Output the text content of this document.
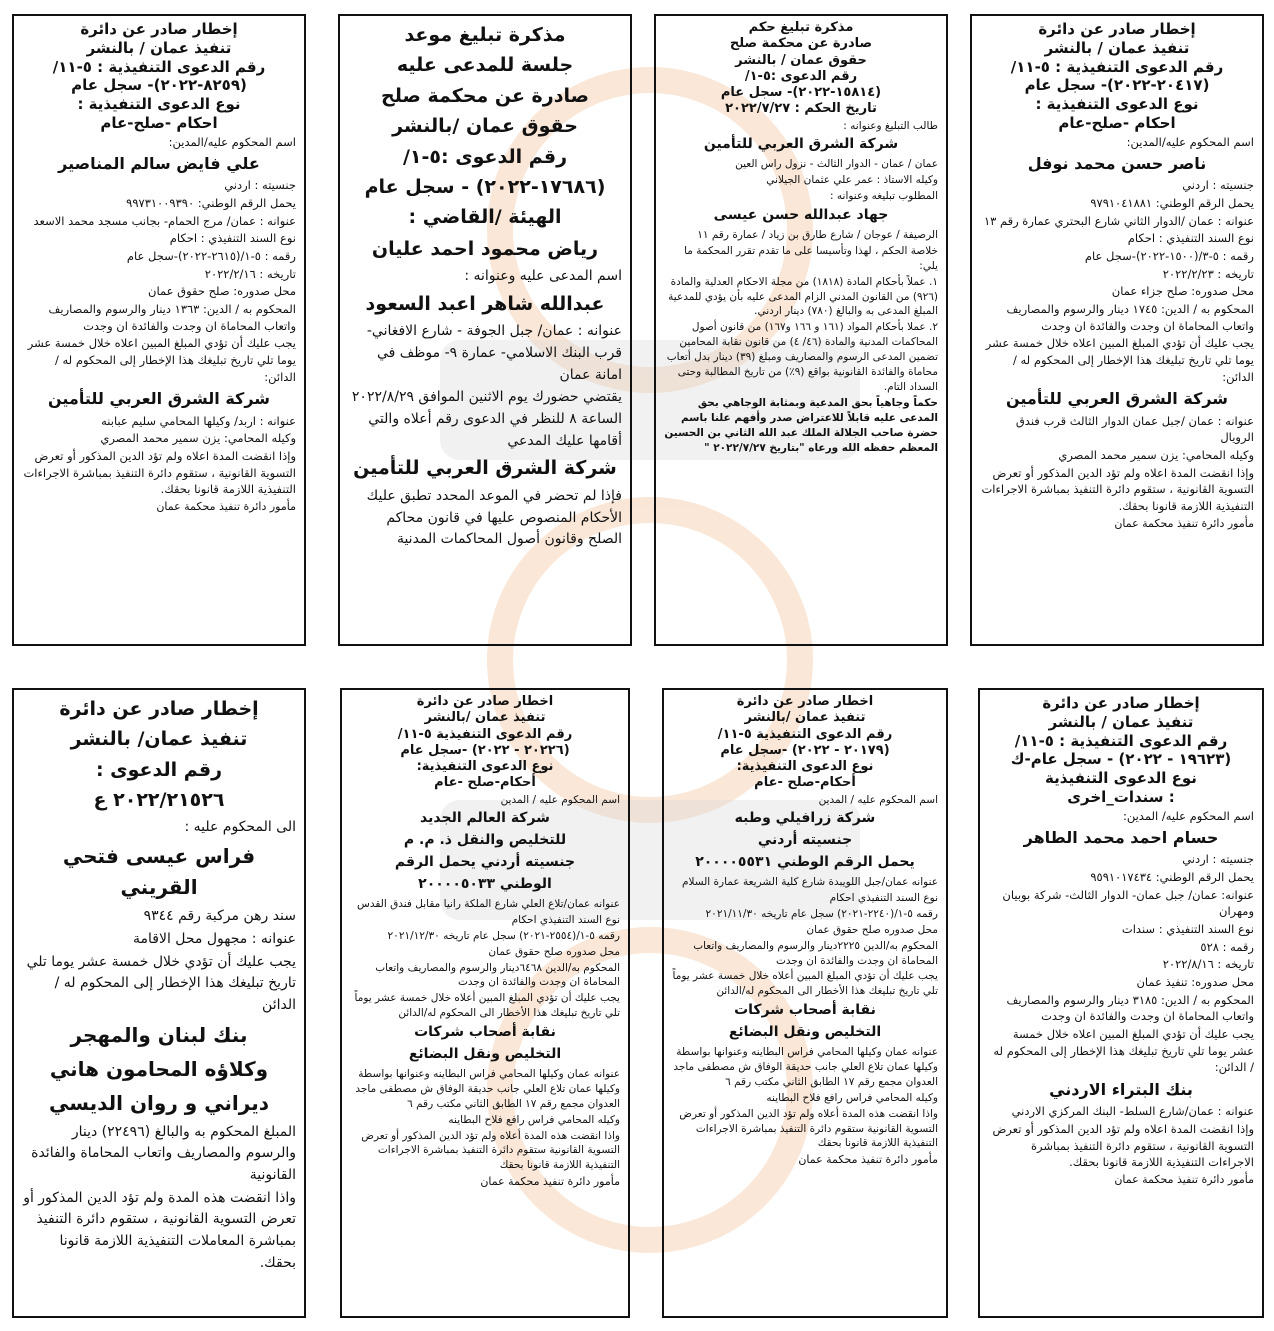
إخطار صادر عن دائرة

تنفيذ عمان / بالنشر

رقم الدعوى التنفيذية : ٥-١١/

(٢٠٤١٧-٢٠٢٢)- سجل عام

نوع الدعوى التنفيذية :

احكام -صلح-عام

اسم المحكوم عليه/المدين:

ناصر حسن محمد نوفل

جنسيته : اردني

يحمل الرقم الوطني: ٩٧٩١٠٤١٨٨١

عنوانه : عمان /الدوار الثاني شارع البحتري عمارة رقم ١٣

نوع السند التنفيذي : احكام

رقمه : ٥-٣/(١٥٠٠-٢٠٢٢)-سجل عام

تاريخه : ٢٠٢٢/٢/٢٣

محل صدوره: صلح جزاء عمان

المحكوم به / الدين: ١٧٤٥ دينار والرسوم والمصاريف واتعاب المحاماة ان وجدت والفائدة ان وجدت

يجب عليك أن تؤدي المبلغ المبين اعلاه خلال خمسة عشر يوما تلي تاريخ تبليغك هذا الإخطار إلى المحكوم له / الدائن:

شركة الشرق العربي للتأمين

عنوانه : عمان /جبل عمان الدوار الثالث قرب فندق الرويال

وكيله المحامي: يزن سمير محمد المصري

وإذا انقضت المدة اعلاه ولم تؤد الدين المذكور أو تعرض التسوية القانونية ، ستقوم دائرة التنفيذ بمباشرة الاجراءات التنفيذية اللازمة قانونا بحقك.

مأمور دائرة تنفيذ محكمة عمان

مذكرة تبليغ حكم

صادرة عن محكمة صلح

حقوق عمان / بالنشر

رقم الدعوى :٥-١/

(١٥٨١٤-٢٠٢٢)- سجل عام

تاريخ الحكم : ٢٠٢٢/٧/٢٧

طالب التبليغ وعنوانه :

شركة الشرق العربي للتأمين

عمان / عمان - الدوار الثالث - نزول راس العين

وكيله الاستاذ : عمر علي عثمان الجيلاني

المطلوب تبليغه وعنوانه :

جهاد عبدالله حسن عيسى

الرصيفة / عوجان / شارع طارق بن زياد / عمارة رقم ١١

خلاصة الحكم ، لهذا وتأسيسا على ما تقدم تقرر المحكمة ما يلي:

١. عملاً بأحكام المادة (١٨١٨) من مجلة الاحكام العدلية والمادة (٩٢٦) من القانون المدني الزام المدعى عليه بأن يؤدي للمدعية المبلغ المدعى به والبالغ (٧٨٠) دينار اردني.

٢. عملا بأحكام المواد (١٦١ و ١٦٦ و١٦٧) من قانون أصول المحاكمات المدنية والمادة (٤٦/ ٤) من قانون نقابة المحامين تضمين المدعى الرسوم والمصاريف ومبلغ (٣٩) دينار بدل أتعاب محاماة والفائدة القانونية بواقع (٩٪) من تاريخ المطالبة وحتى السداد التام.

حكماً وجاهياً بحق المدعية وبمثابة الوجاهي بحق المدعى عليه قابلاً للاعتراض صدر وأفهم علنا باسم حضرة صاحب الجلالة الملك عبد الله الثاني بن الحسين المعظم حفظه الله ورعاه "بتاريخ ٢٠٢٢/٧/٢٧ "

مذكرة تبليغ موعد

جلسة للمدعى عليه

صادرة عن محكمة صلح

حقوق عمان /بالنشر

رقم الدعوى :٥-١/

(١٧٦٨٦-٢٠٢٢) - سجل عام

الهيئة /القاضي :

رياض محمود احمد عليان

اسم المدعى عليه وعنوانه :

عبدالله شاهر اعبد السعود

عنوانه : عمان/ جبل الجوفة - شارع الافغاني- قرب البنك الاسلامي- عمارة ٩- موظف في امانة عمان

يقتضي حضورك يوم الاثنين الموافق ٢٠٢٢/٨/٢٩ الساعة ٨ للنظر في الدعوى رقم أعلاه والتي أقامها عليك المدعي

شركة الشرق العربي للتأمين

فإذا لم تحضر في الموعد المحدد تطبق عليك الأحكام المنصوص عليها في قانون محاكم الصلح وقانون أصول المحاكمات المدنية

إخطار صادر عن دائرة

تنفيذ عمان / بالنشر

رقم الدعوى التنفيذية : ٥-١١/

(٨٢٥٩-٢٠٢٢)- سجل عام

نوع الدعوى التنفيذية :

احكام -صلح-عام

اسم المحكوم عليه/المدين:

علي فايض سالم المناصير

جنسيته : اردني

يحمل الرقم الوطني: ٩٩٧٣١٠٠٩٣٩٠

عنوانه : عمان/ مرج الحمام- بجانب مسجد محمد الاسعد

نوع السند التنفيذي : احكام

رقمه : ٥-١/(٢٦١٥-٢٠٢٢)-سجل عام

تاريخه : ٢٠٢٢/٢/١٦

محل صدوره: صلح حقوق عمان

المحكوم به / الدين: ١٣٦٣ دينار والرسوم والمصاريف واتعاب المحاماة ان وجدت والفائدة ان وجدت

يجب عليك أن تؤدي المبلغ المبين اعلاه خلال خمسة عشر يوما تلي تاريخ تبليغك هذا الإخطار إلى المحكوم له / الدائن:

شركة الشرق العربي للتأمين

عنوانه : اربد/ وكيلها المحامي سليم عبابنه

وكيله المحامي: يزن سمير محمد المصري

وإذا انقضت المدة اعلاه ولم تؤد الدين المذكور أو تعرض التسوية القانونية ، ستقوم دائرة التنفيذ بمباشرة الاجراءات التنفيذية اللازمة قانونا بحقك.

مأمور دائرة تنفيذ محكمة عمان

إخطار صادر عن دائرة

تنفيذ عمان / بالنشر

رقم الدعوى التنفيذية : ٥-١١/

(١٩٦٢٣ - ٢٠٢٢) - سجل عام-ك

نوع الدعوى التنفيذية

: سندات_اخرى

اسم المحكوم عليه/ المدين:

حسام احمد محمد الطاهر

جنسيته : اردني

يحمل الرقم الوطني: ٩٥٩١٠١٧٤٣٤

عنوانه: عمان/ جبل عمان- الدوار الثالث- شركة بوبيان ومهران

نوع السند التنفيذي : سندات

رقمه : ٥٢٨

تاريخه : ٢٠٢٢/٨/١٦

محل صدوره: تنفيذ عمان

المحكوم به / الدين: ٣١٨٥ دينار والرسوم والمصاريف واتعاب المحاماة ان وجدت والفائدة ان وجدت

يجب عليك أن تؤدي المبلغ المبين اعلاه خلال خمسة عشر يوما تلي تاريخ تبليغك هذا الإخطار إلى المحكوم له / الدائن:

بنك البتراء الاردني

عنوانه : عمان/شارع السلط- البنك المركزي الاردني

وإذا انقضت المدة اعلاه ولم تؤد الدين المذكور أو تعرض التسوية القانونية ، ستقوم دائرة التنفيذ بمباشرة الاجراءات التنفيذية اللازمة قانونا بحقك.

مأمور دائرة تنفيذ محكمة عمان

اخطار صادر عن دائرة

تنفيذ عمان /بالنشر

رقم الدعوى التنفيذية ٥-١١/

(٢٠١٧٩ - ٢٠٢٢) -سجل عام

نوع الدعوى التنفيذية:

أحكام-صلح -عام

اسم المحكوم عليه / المدين

شركة زرافيلي وطبه

جنسيته أردني

يحمل الرقم الوطني ٢٠٠٠٠٥٥٣١

عنوانه عمان/جبل اللويبدة شارع كلية الشريعة عمارة السلام

نوع السند التنفيذي احكام

رقمه ٥-١/(٢٢٤٠-٢٠٢١) سجل عام تاريخه ٢٠٢١/١١/٣٠

محل صدوره صلح حقوق عمان

المحكوم به/الدين ٢٢٢٥دينار والرسوم والمصاريف واتعاب المحاماة ان وجدت والفائدة ان وجدت

يجب عليك أن تؤدي المبلغ المبين أعلاه خلال خمسة عشر يوماً تلي تاريخ تبليغك هذا الأخطار الى المحكوم له/الدائن

نقابة أصحاب شركات

التخليص ونقل البضائع

عنوانه عمان وكيلها المحامي فراس البطاينه وعنوانها بواسطة وكيلها عمان تلاع العلي جانب حديقة الوفاق ش مصطفى ماجد العدوان مجمع رقم ١٧ الطابق الثاني مكتب رقم ٦

وكيله المحامي فراس رافع فلاح البطاينه

واذا انقضت هذه المدة أعلاه ولم تؤد الدين المذكور أو تعرض التسوية القانونية ستقوم دائرة التنفيذ بمباشرة الاجراءات التنفيذية اللازمة قانونا بحقك

مأمور دائرة تنفيذ محكمة عمان

اخطار صادر عن دائرة

تنفيذ عمان /بالنشر

رقم الدعوى التنفيذية ٥-١١/

(٢٠٢٢٦ - ٢٠٢٢) -سجل عام

نوع الدعوى التنفيذية:

أحكام-صلح -عام

اسم المحكوم عليه / المدين

شركة العالم الجديد

للتخليص والنقل ذ. م. م

جنسيته أردني يحمل الرقم

الوطني ٢٠٠٠٠٥٠٣٣

عنوانه عمان/تلاع العلي شارع الملكة رانيا مقابل فندق القدس

نوع السند التنفيذي احكام

رقمه ٥-١/(٢٥٥٤-٢٠٢١) سجل عام تاريخه ٢٠٢١/١٢/٣٠

محل صدوره صلح حقوق عمان

المحكوم به/الدين ٦٤٦٨دينار والرسوم والمصاريف واتعاب المحاماة ان وجدت والفائدة ان وجدت

يجب عليك أن تؤدي المبلغ المبين أعلاه خلال خمسة عشر يوماً تلي تاريخ تبليغك هذا الأخطار الى المحكوم له/الدائن

نقابة أصحاب شركات

التخليص ونقل البضائع

عنوانه عمان وكيلها المحامي فراس البطاينه وعنوانها بواسطة وكيلها عمان تلاع العلي جانب حديقة الوفاق ش مصطفى ماجد العدوان مجمع رقم ١٧ الطابق الثاني مكتب رقم ٦

وكيله المحامي فراس رافع فلاح البطاينه

واذا انقضت هذه المدة أعلاه ولم تؤد الدين المذكور أو تعرض التسوية القانونية ستقوم دائرة التنفيذ بمباشرة الاجراءات التنفيذية اللازمة قانونا بحقك

مأمور دائرة تنفيذ محكمة عمان

إخطار صادر عن دائرة

تنفيذ عمان/ بالنشر

رقم الدعوى :

٢٠٢٢/٢١٥٢٦ ع

الى المحكوم عليه :

فراس عيسى فتحي القريني

سند رهن مركبة رقم ٩٣٤٤

عنوانه : مجهول محل الاقامة

يجب عليك أن تؤدي خلال خمسة عشر يوما تلي تاريخ تبليغك هذا الإخطار إلى المحكوم له / الدائن

بنك لبنان والمهجر

وكلاؤه المحامون هاني

ديراني و روان الديسي

المبلغ المحكوم به والبالغ (٢٢٤٩٦) دينار والرسوم والمصاريف واتعاب المحاماة والفائدة القانونية

واذا انقضت هذه المدة ولم تؤد الدين المذكور أو تعرض التسوية القانونية ، ستقوم دائرة التنفيذ بمباشرة المعاملات التنفيذية اللازمة قانونا بحقك.
